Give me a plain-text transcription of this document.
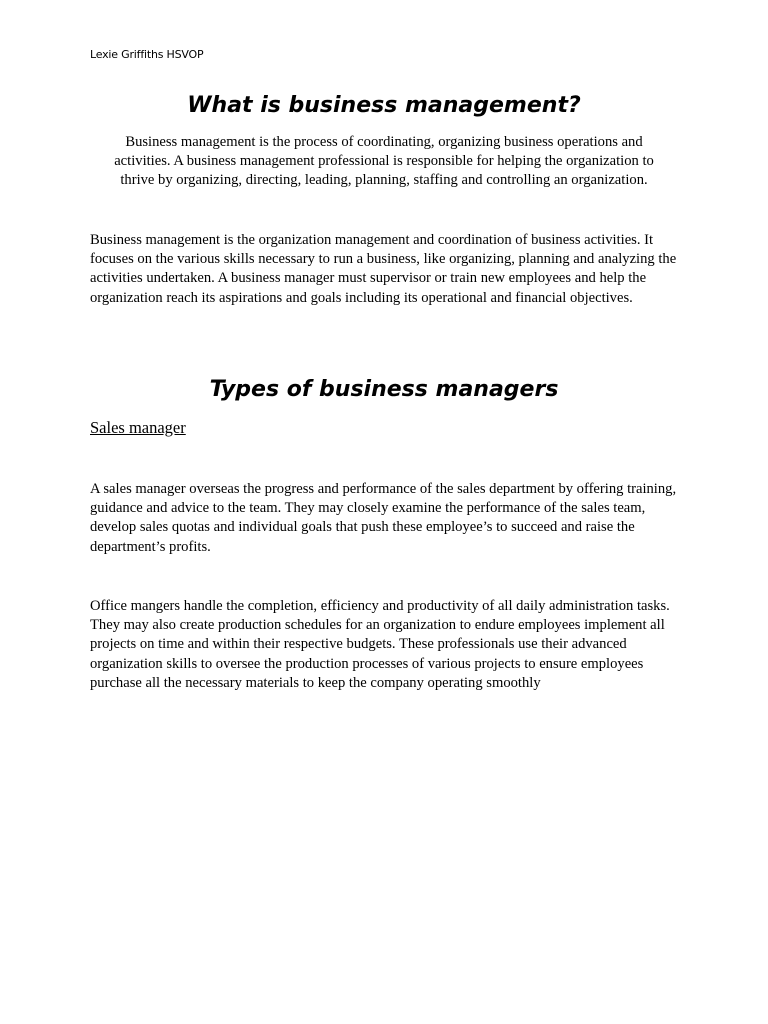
Lexie Griffiths HSVOP
What is business management?

Business management is the process of coordinating, organizing business operations and activities. A business management professional is responsible for helping the organization to thrive by organizing, directing, leading, planning, staffing and controlling an organization.

Business management is the organization management and coordination of business activities. It focuses on the various skills necessary to run a business, like organizing, planning and analyzing the activities undertaken. A business manager must supervisor or train new employees and help the organization reach its aspirations and goals including its operational and financial objectives.

Types of business managers

Sales manager

A sales manager overseas the progress and performance of the sales department by offering training, guidance and advice to the team. They may closely examine the performance of the sales team, develop sales quotas and individual goals that push these employee’s to succeed and raise the department’s profits.

Office mangers handle the completion, efficiency and productivity of all daily administration tasks. They may also create production schedules for an organization to endure employees implement all projects on time and within their respective budgets. These professionals use their advanced organization skills to oversee the production processes of various projects to ensure employees purchase all the necessary materials to keep the company operating smoothly
